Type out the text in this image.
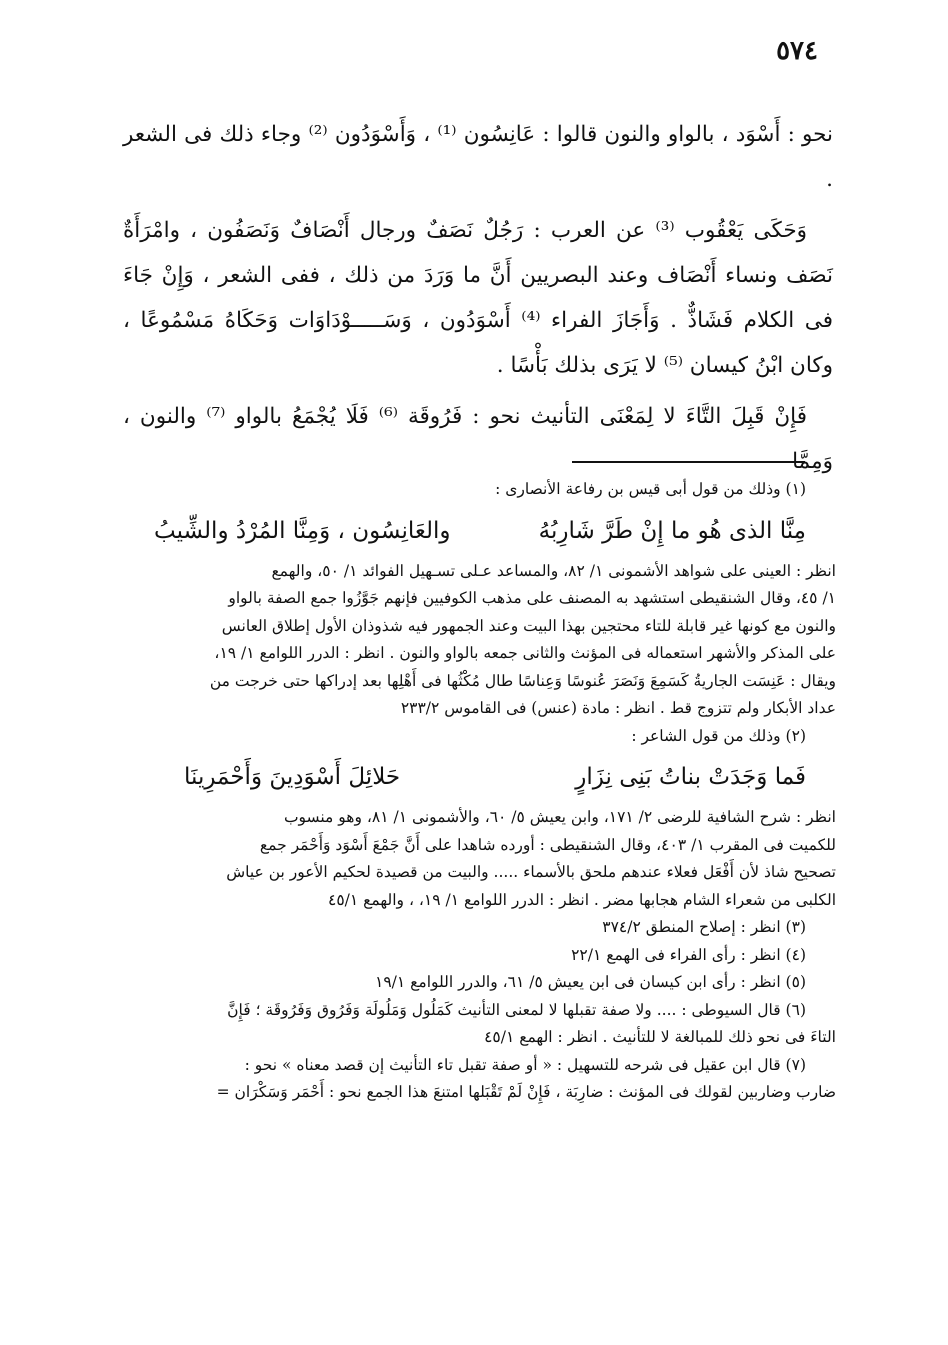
٥٧٤

نحو : أَسْوَد ، بالواو والنون قالوا : عَانِسُون ⁽¹⁾ ، وَأَسْوَدُون ⁽²⁾ وجاء ذلك فى الشعر .

وَحَكَى يَعْقُوب ⁽³⁾ عن العرب : رَجُلٌ نَصَفٌ ورجال أَنْصَافٌ وَنَصَفُون ، وامْرَأَةٌ نَصَف ونساء أَنْصَاف وعند البصريين أَنَّ ما وَرَدَ من ذلك ، ففى الشعر ، وَإِنْ جَاءَ فى الكلام فَشَاذٌّ . وَأَجَازَ الفراء ⁽⁴⁾ أَسْوَدُون ، وَسَـــــوْدَاوَات وَحَكَاهُ مَسْمُوعًا ، وكان ابْنُ كيسان ⁽⁵⁾ لا يَرَى بذلك بَأْسًا .

فَإِنْ قَبِلَ التَّاءَ لا لِمَعْنَى التأنيث نحو : فَرُوقَة ⁽⁶⁾ فَلَا يُجْمَعُ بالواو ⁽⁷⁾ والنون ، وَمِمَّا

(١) وذلك من قول أبى قيس بن رفاعة الأنصارى :
مِنَّا الذى هُو ما إِنْ طَرَّ شَارِبُهُ
والعَانِسُون ، وَمِنَّا المُرْدُ والشِّيبُ
انظر : العينى على شواهد الأشمونى ١/ ٨٢، والمساعد عـلى تسـهيل الفوائد ١/ ٥٠، والهمع
١/ ٤٥، وقال الشنقيطى استشهد به المصنف على مذهب الكوفيين فإنهم جَوَّزُوا جمع الصفة بالواو
والنون مع كونها غير قابلة للتاء محتجين بهذا البيت وعند الجمهور فيه شذوذان الأول إطلاق العانس
على المذكر والأشهر استعماله فى المؤنث والثانى جمعه بالواو والنون . انظر : الدرر اللوامع ١/ ١٩،
ويقال : عَنِسَت الجاريةُ كَسَمِعَ وَنَصَرَ عُنوسًا وَعِناسًا طال مُكْثُها فى أَهْلِها بعد إدراكها حتى خرجت من
عداد الأبكار ولم تتزوج قط . انظر : مادة (عنس) فى القاموس ٢٣٣/٢
(٢) وذلك من قول الشاعر :
فَما وَجَدَتْ بناتُ بَنِى نِزَارٍ
حَلائِلَ أَسْوَدِينَ وَأَحْمَرِينَا
انظر : شرح الشافية للرضى ٢/ ١٧١، وابن يعيش ٥/ ٦٠، والأشمونى ١/ ٨١، وهو منسوب
للكميت فى المقرب ١/ ٤٠٣، وقال الشنقيطى : أورده شاهدا على أَنَّ جَمْعَ أَسْوَد وَأَحْمَر جمع
تصحيح شاذ لأن أَفْعَل فعلاء عندهم ملحق بالأسماء ..... والبيت من قصيدة لحكيم الأعور بن عياش
الكلبى من شعراء الشام هجابها مضر . انظر : الدرر اللوامع ١/ ١٩، ، والهمع ٤٥/١
(٣) انظر : إصلاح المنطق ٣٧٤/٢
(٤) انظر : رأى الفراء فى الهمع ٢٢/١
(٥) انظر : رأى ابن كيسان فى ابن يعيش ٥/ ٦١، والدرر اللوامع ١٩/١
(٦) قال السيوطى : .... ولا صفة تقبلها لا لمعنى التأنيث كَمَلُول وَمَلُولَة وَفَرُوق وَفَرُوقَة ؛ فَإِنَّ
التاءَ فى نحو ذلك للمبالغة لا للتأنيث . انظر : الهمع ٤٥/١
(٧) قال ابن عقيل فى شرحه للتسهيل : « أو صفة تقبل تاء التأنيث إن قصد معناه » نحو :
ضارب وضاربين لقولك فى المؤنث : ضارِبَة ، فَإِنْ لَمْ تَقْبَلها امتنعَ هذا الجمع نحو : أَحْمَر وَسَكْرَان =
